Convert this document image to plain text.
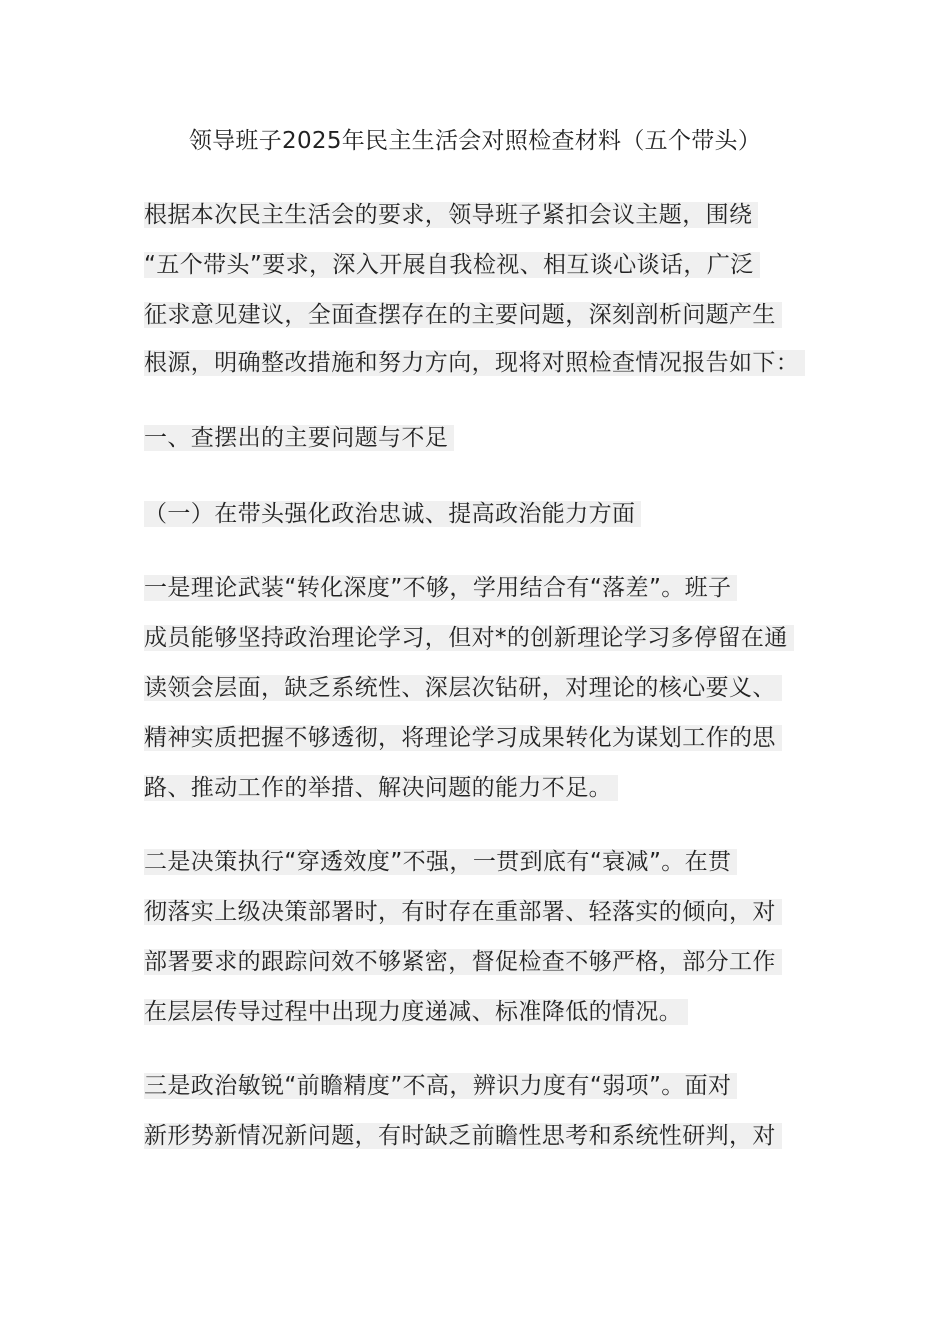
领导班子2025年民主生活会对照检查材料（五个带头）
根据本次民主生活会的要求，领导班子紧扣会议主题，围绕
“五个带头”要求，深入开展自我检视、相互谈心谈话，广泛
征求意见建议，全面查摆存在的主要问题，深刻剖析问题产生
根源，明确整改措施和努力方向，现将对照检查情况报告如下：
一、查摆出的主要问题与不足
（一）在带头强化政治忠诚、提高政治能力方面
一是理论武装“转化深度”不够，学用结合有“落差”。班子
成员能够坚持政治理论学习，但对*的创新理论学习多停留在通
读领会层面，缺乏系统性、深层次钻研，对理论的核心要义、
精神实质把握不够透彻，将理论学习成果转化为谋划工作的思
路、推动工作的举措、解决问题的能力不足。
二是决策执行“穿透效度”不强，一贯到底有“衰减”。在贯
彻落实上级决策部署时，有时存在重部署、轻落实的倾向，对
部署要求的跟踪问效不够紧密，督促检查不够严格，部分工作
在层层传导过程中出现力度递减、标准降低的情况。
三是政治敏锐“前瞻精度”不高，辨识力度有“弱项”。面对
新形势新情况新问题，有时缺乏前瞻性思考和系统性研判，对
